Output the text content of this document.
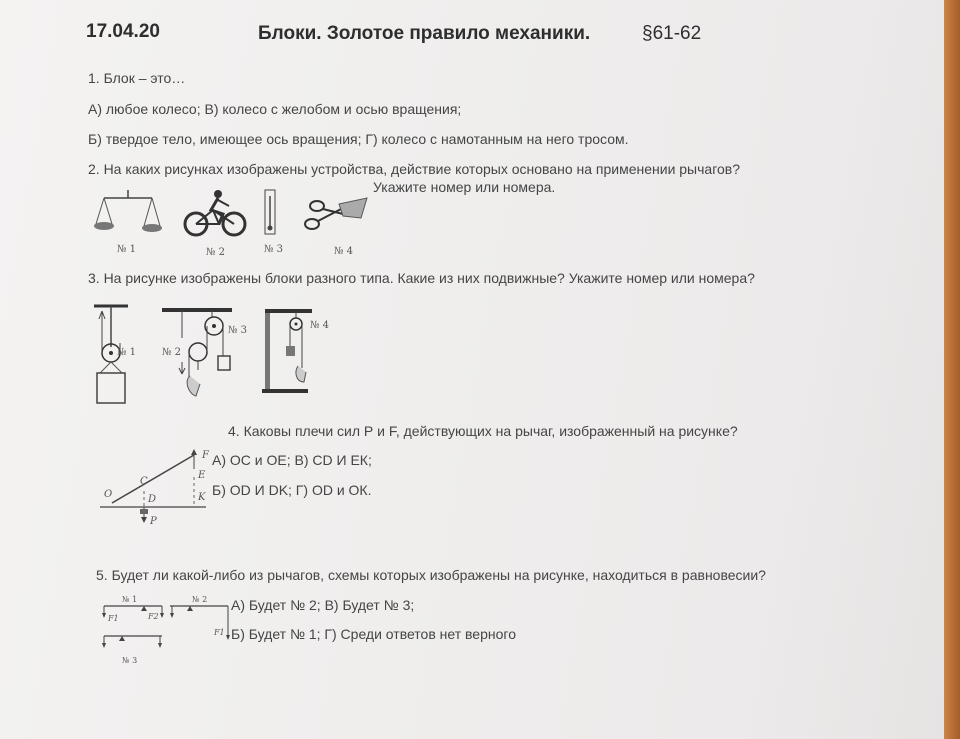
17.04.20	Блоки. Золотое правило механики.	§61-62
1. Блок – это…
А) любое колесо; В) колесо с желобом и осью вращения;
Б) твердое тело, имеющее ось вращения; Г) колесо с намотанным на него тросом.
2. На каких рисунках изображены устройства, действие которых основано на применении рычагов?
Укажите номер или номера.
№ 1	№ 2	№ 3	№ 4
3. На рисунке изображены блоки разного типа. Какие из них подвижные? Укажите номер или номера?
№ 1	№ 2
№ 3	№ 4
4. Каковы плечи сил Р и F, действующих на рычаг, изображенный на рисунке?
А) ОС и ОЕ; В) CD И ЕК;
Б) OD И DK; Г) OD и ОК.
O
C
D
E
K
F
P
5. Будет ли какой-либо из рычагов, схемы которых изображены на рисунке, находиться в равновесии?
А) Будет № 2; В) Будет № 3;
Б) Будет № 1; Г) Среди ответов нет верного
№ 1	№ 2
№ 3
F1	F2
F1
